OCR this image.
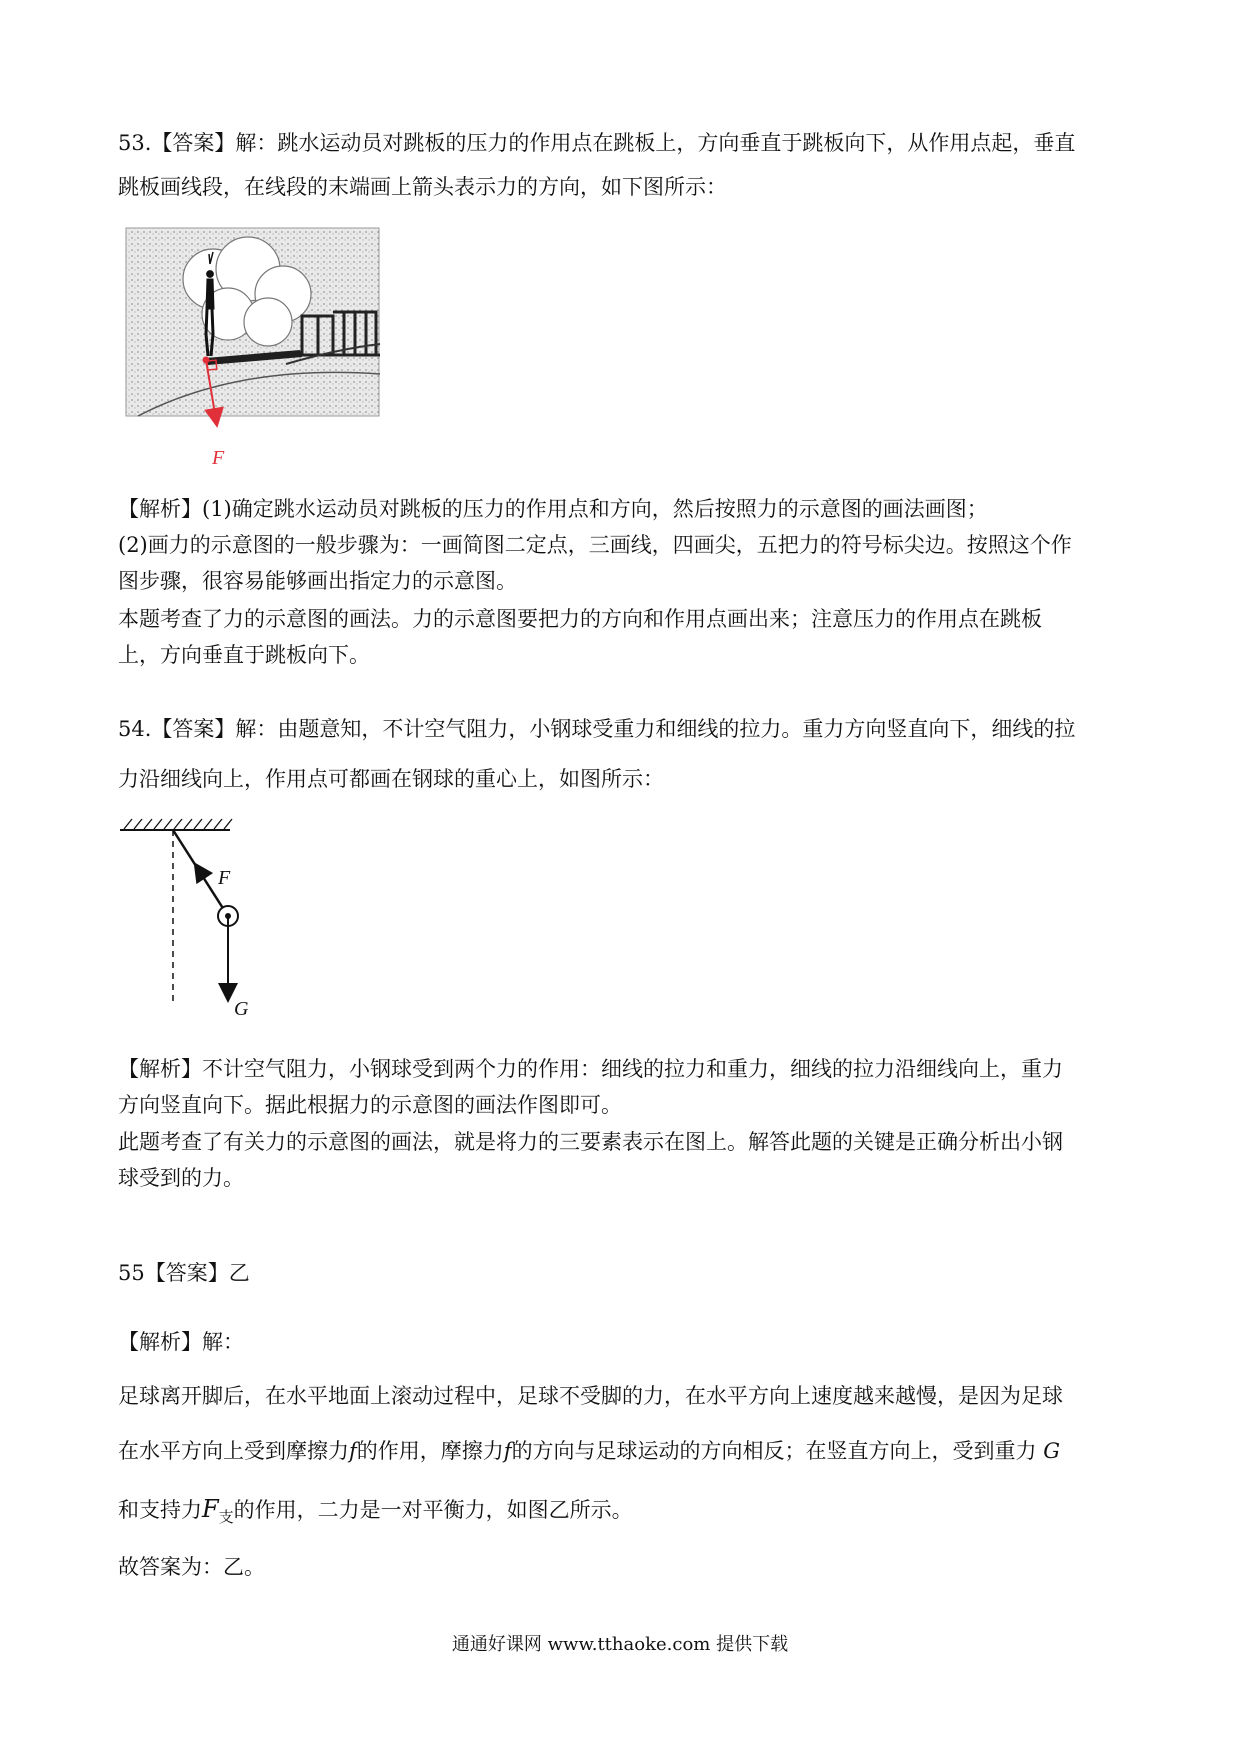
53.【答案】解：跳水运动员对跳板的压力的作用点在跳板上，方向垂直于跳板向下，从作用点起，垂直
跳板画线段，在线段的末端画上箭头表示力的方向，如下图所示：
F
【解析】(1)确定跳水运动员对跳板的压力的作用点和方向，然后按照力的示意图的画法画图；
(2)画力的示意图的一般步骤为：一画简图二定点，三画线，四画尖，五把力的符号标尖边。按照这个作
图步骤，很容易能够画出指定力的示意图。
本题考查了力的示意图的画法。力的示意图要把力的方向和作用点画出来；注意压力的作用点在跳板
上，方向垂直于跳板向下。
54.【答案】解：由题意知，不计空气阻力，小钢球受重力和细线的拉力。重力方向竖直向下，细线的拉
力沿细线向上，作用点可都画在钢球的重心上，如图所示：
F
G
【解析】不计空气阻力，小钢球受到两个力的作用：细线的拉力和重力，细线的拉力沿细线向上，重力
方向竖直向下。据此根据力的示意图的画法作图即可。
此题考查了有关力的示意图的画法，就是将力的三要素表示在图上。解答此题的关键是正确分析出小钢
球受到的力。
55【答案】乙
【解析】解：
足球离开脚后，在水平地面上滚动过程中，足球不受脚的力，在水平方向上速度越来越慢，是因为足球
在水平方向上受到摩擦力f的作用，摩擦力f的方向与足球运动的方向相反；在竖直方向上，受到重力 G
和支持力$F_支$的作用，二力是一对平衡力，如图乙所示。
故答案为：乙。
通通好课网 www.tthaoke.com 提供下载
